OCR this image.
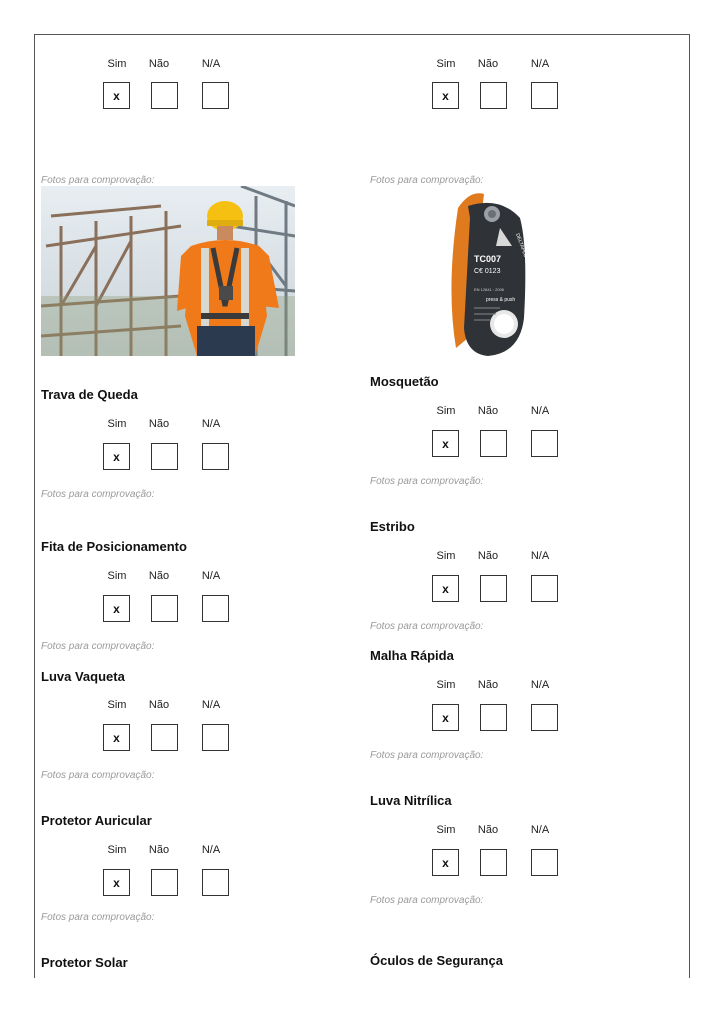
Sim	Não	N/A
x
Fotos para comprovação:
Trava de Queda
Sim	Não	N/A
x
Fotos para comprovação:
Fita de Posicionamento
Sim	Não	N/A
x
Fotos para comprovação:
Luva Vaqueta
Sim	Não	N/A
x
Fotos para comprovação:
Protetor Auricular
Sim	Não	N/A
x
Fotos para comprovação:
Protetor Solar
Sim	Não	N/A
x
Fotos para comprovação:
TC007
C€ 0123
DELTAPLUS
EN 12841 : 2006
press & push
Mosquetão
Sim	Não	N/A
x
Fotos para comprovação:
Estribo
Sim	Não	N/A
x
Fotos para comprovação:
Malha Rápida
Sim	Não	N/A
x
Fotos para comprovação:
Luva Nitrílica
Sim	Não	N/A
x
Fotos para comprovação:
Óculos de Segurança
